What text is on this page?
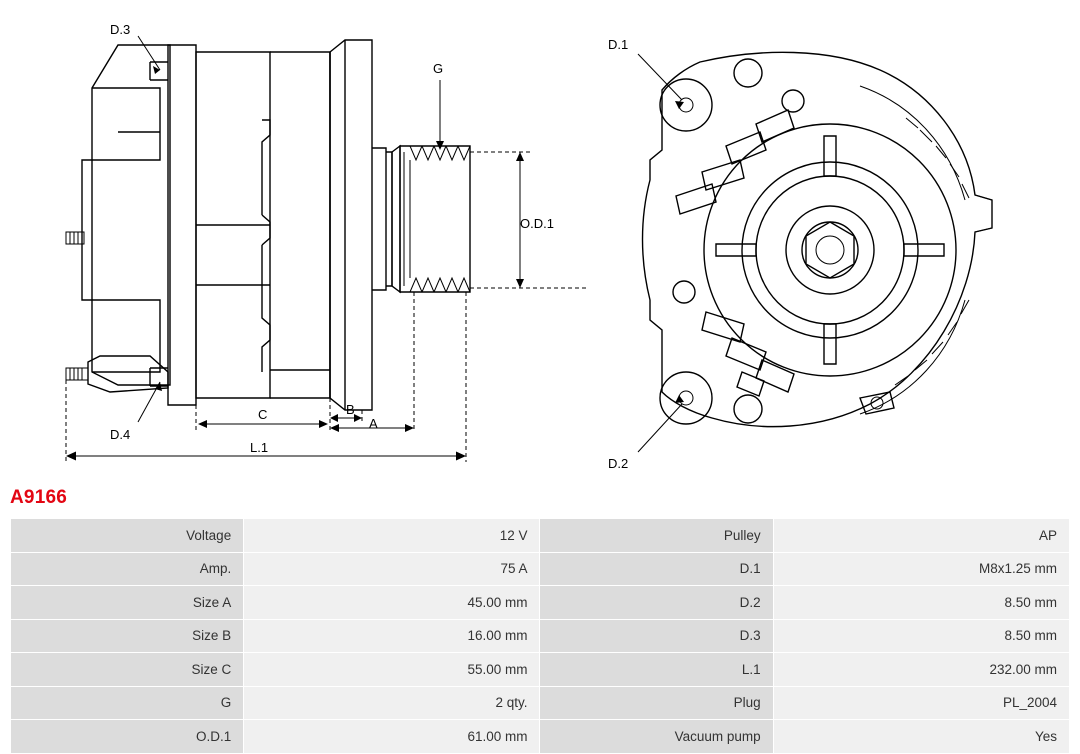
O.D.1
D.3
D.4
G
C	B
A
L.1
D.1
D.2
A9166
Voltage	12 V	Pulley	AP
Amp.	75 A	D.1	M8x1.25 mm
Size A	45.00 mm	D.2	8.50 mm
Size B	16.00 mm	D.3	8.50 mm
Size C	55.00 mm	L.1	232.00 mm
G	2 qty.	Plug	PL_2004
O.D.1	61.00 mm	Vacuum pump	Yes
